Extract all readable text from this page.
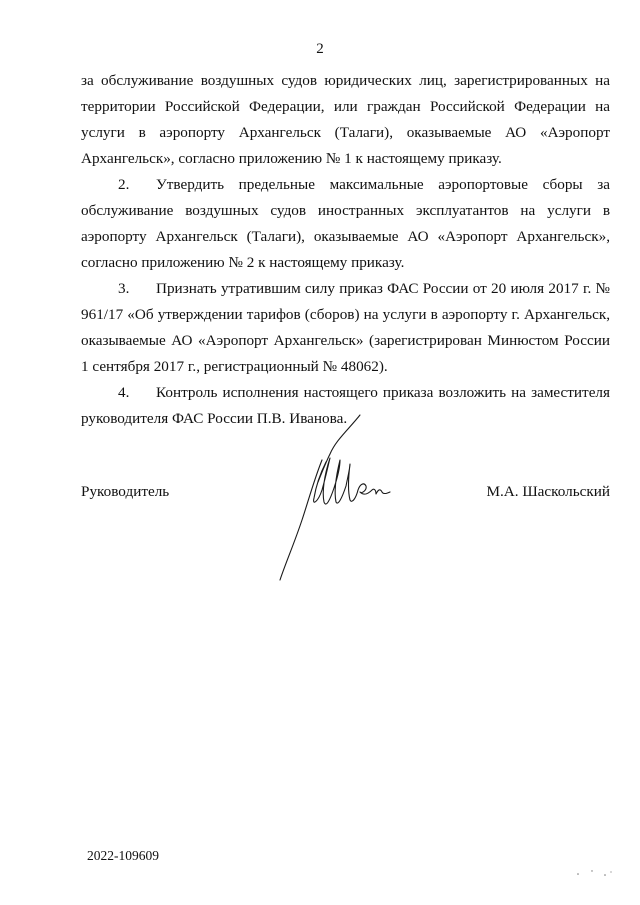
2

за обслуживание воздушных судов юридических лиц, зарегистрированных на территории Российской Федерации, или граждан Российской Федерации на услуги в аэропорту Архангельск (Талаги), оказываемые АО «Аэропорт Архангельск», согласно приложению № 1 к настоящему приказу.

2. Утвердить предельные максимальные аэропортовые сборы за обслуживание воздушных судов иностранных эксплуатантов на услуги в аэропорту Архангельск (Талаги), оказываемые АО «Аэропорт Архангельск», согласно приложению № 2 к настоящему приказу.

3. Признать утратившим силу приказ ФАС России от 20 июля 2017 г. № 961/17 «Об утверждении тарифов (сборов) на услуги в аэропорту г. Архангельск, оказываемые АО «Аэропорт Архангельск» (зарегистрирован Минюстом России 1 сентября 2017 г., регистрационный № 48062).

4. Контроль исполнения настоящего приказа возложить на заместителя руководителя ФАС России П.В. Иванова.

Руководитель	М.А. Шаскольский
2022-109609
